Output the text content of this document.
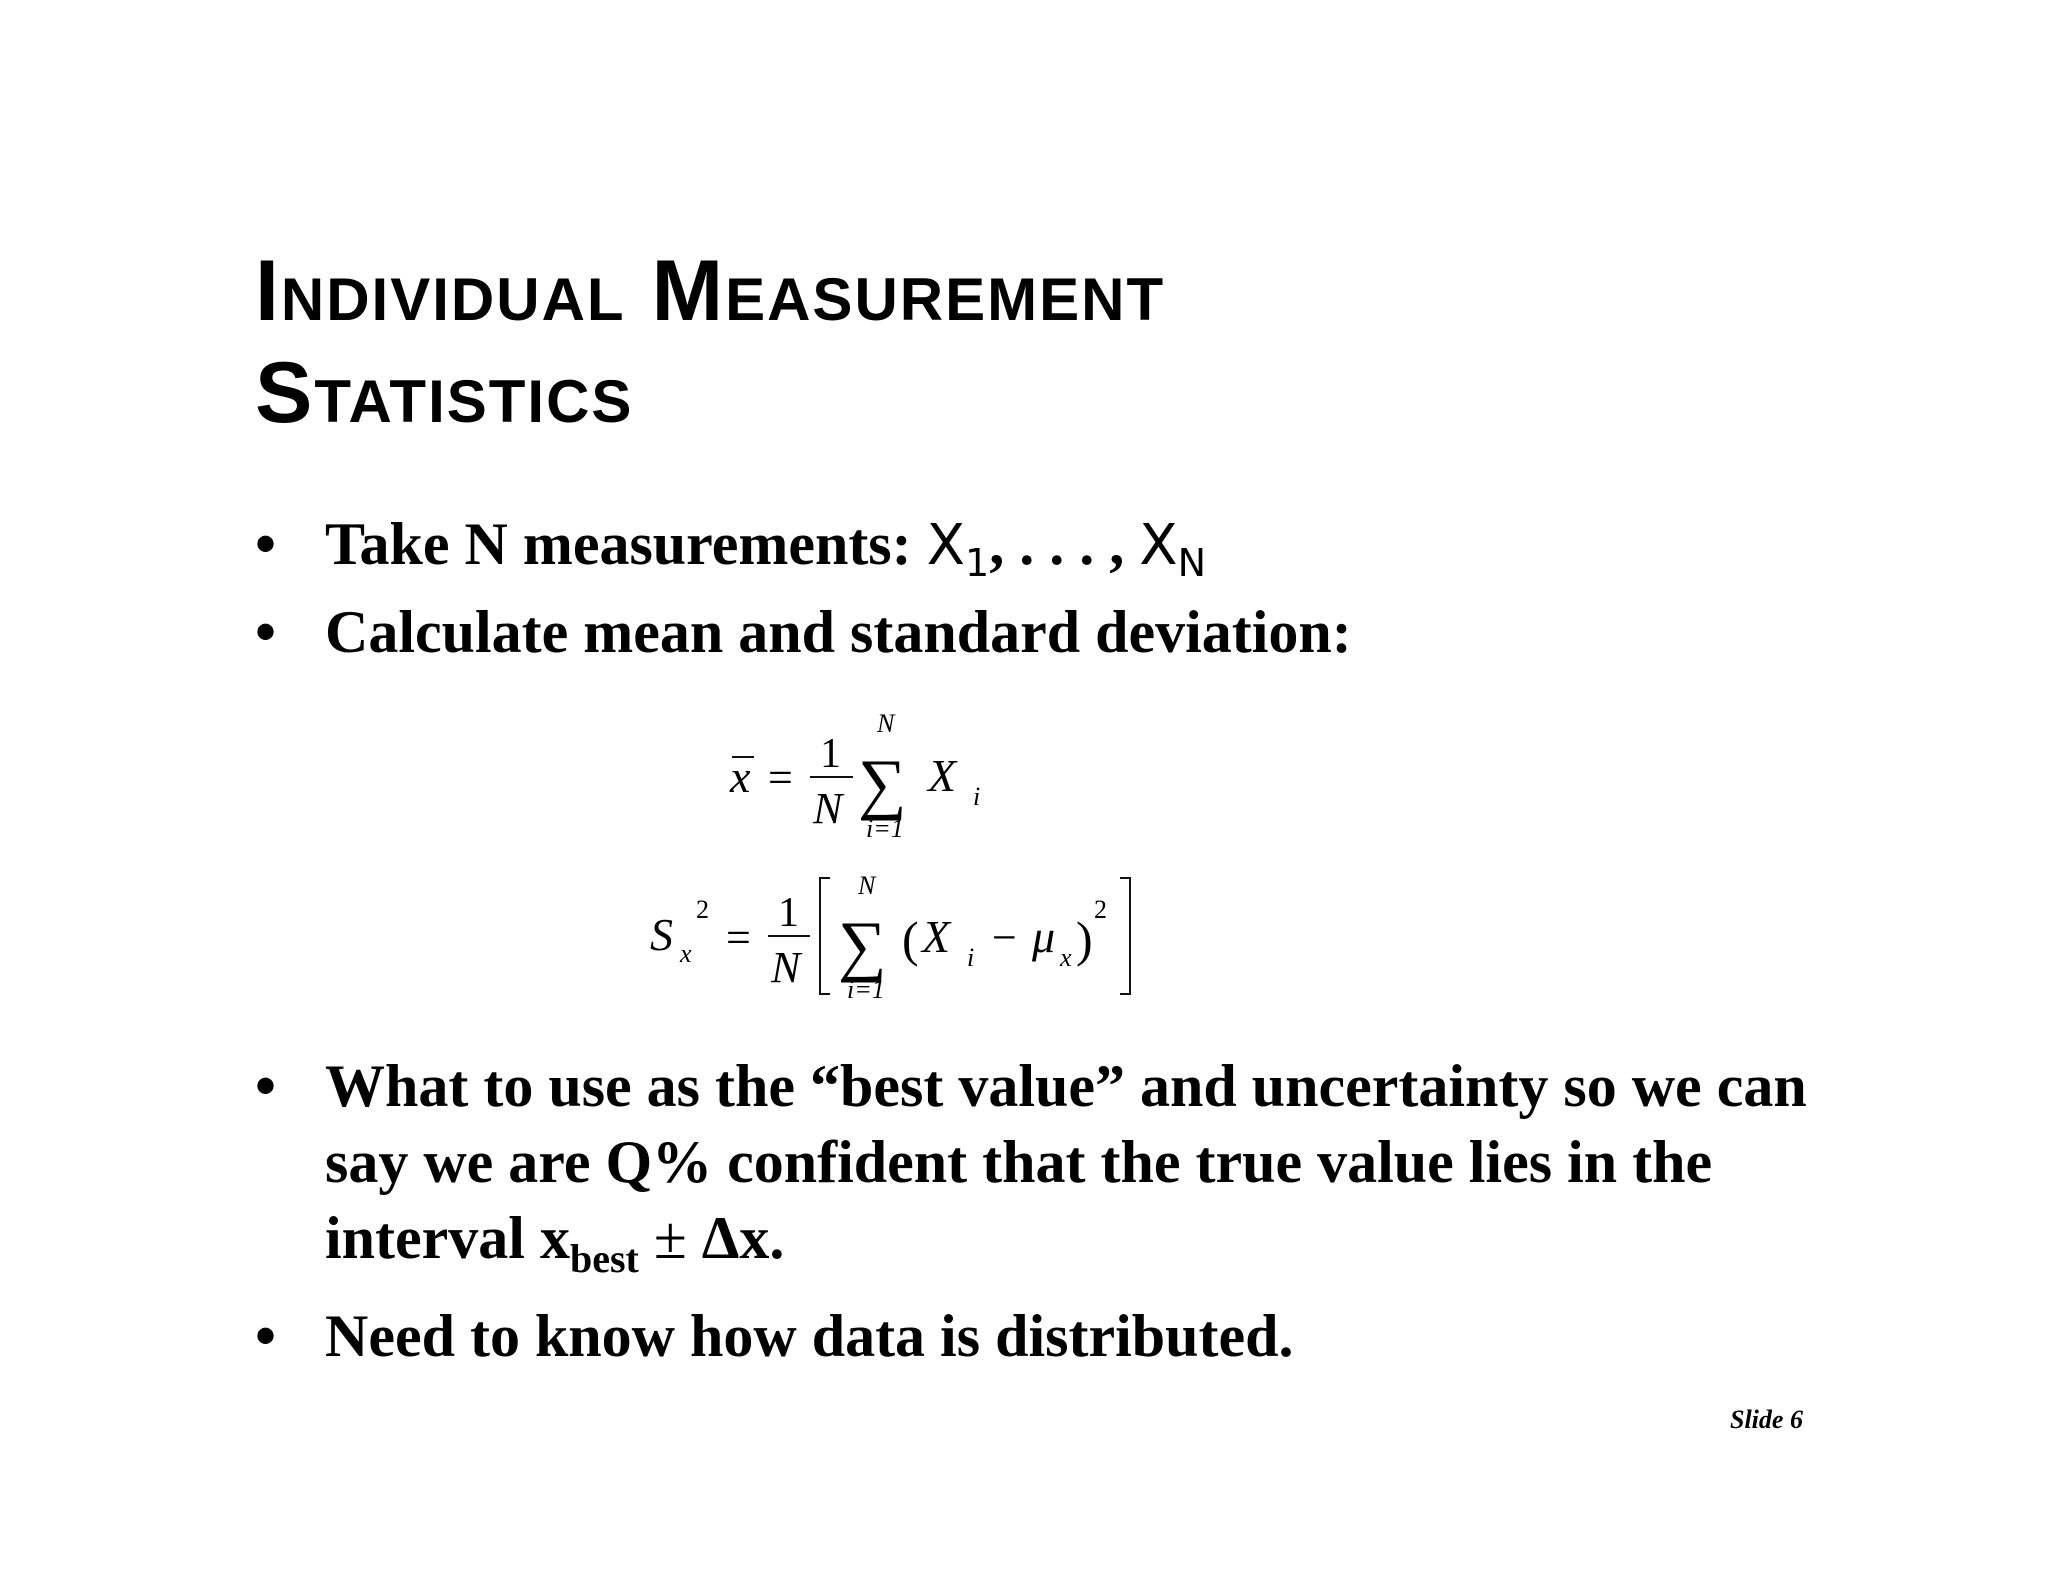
Individual Measurement
Statistics
• Take N measurements: $X_1$, . . . , $X_N$
• Calculate mean and standard deviation:
• What to use as the “best value” and uncertainty so we can say we are Q% confident that the true value lies in the interval $x_{best} \pm \Delta x$.
• Need to know how data is distributed.
x = 1
N
N
∑
i=1
X i
S x
2
= 1
N
N
∑
i=1
( X i − μ x )
2
Slide 6
